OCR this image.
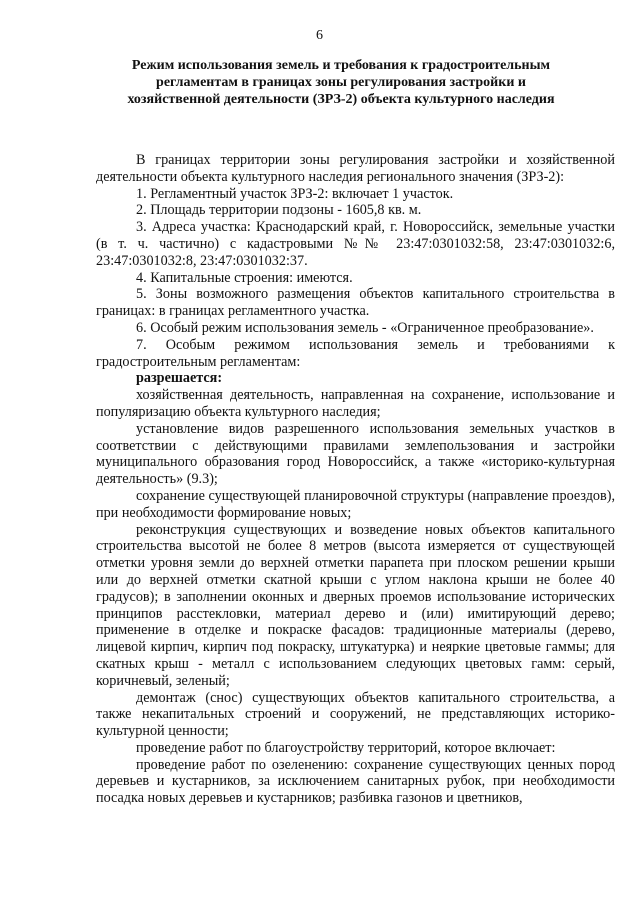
6
Режим использования земель и требования к градостроительным регламентам в границах зоны регулирования застройки и хозяйственной деятельности (ЗРЗ-2) объекта культурного наследия

В границах территории зоны регулирования застройки и хозяйственной деятельности объекта культурного наследия регионального значения (ЗРЗ-2):

1. Регламентный участок ЗРЗ-2: включает 1 участок.

2. Площадь территории подзоны - 1605,8 кв. м.

3. Адреса участка: Краснодарский край, г. Новороссийск, земельные участки (в т. ч. частично) с кадастровыми №№ 23:47:0301032:58, 23:47:0301032:6, 23:47:0301032:8, 23:47:0301032:37.

4. Капитальные строения: имеются.

5. Зоны возможного размещения объектов капитального строительства в границах: в границах регламентного участка.

6. Особый режим использования земель - «Ограниченное преобразование».

7. Особым режимом использования земель и требованиями к градостроительным регламентам:

разрешается:

хозяйственная деятельность, направленная на сохранение, использование и популяризацию объекта культурного наследия;

установление видов разрешенного использования земельных участков в соответствии с действующими правилами землепользования и застройки муниципального образования город Новороссийск, а также «историко-культурная деятельность» (9.3);

сохранение существующей планировочной структуры (направление проездов), при необходимости формирование новых;

реконструкция существующих и возведение новых объектов капитального строительства высотой не более 8 метров (высота измеряется от существующей отметки уровня земли до верхней отметки парапета при плоском решении крыши или до верхней отметки скатной крыши с углом наклона крыши не более 40 градусов); в заполнении оконных и дверных проемов использование исторических принципов расстекловки, материал дерево и (или) имитирующий дерево; применение в отделке и покраске фасадов: традиционные материалы (дерево, лицевой кирпич, кирпич под покраску, штукатурка) и неяркие цветовые гаммы; для скатных крыш - металл с использованием следующих цветовых гамм: серый, коричневый, зеленый;

демонтаж (снос) существующих объектов капитального строительства, а также некапитальных строений и сооружений, не представляющих историко-культурной ценности;

проведение работ по благоустройству территорий, которое включает:

проведение работ по озеленению: сохранение существующих ценных пород деревьев и кустарников, за исключением санитарных рубок, при необходимости посадка новых деревьев и кустарников; разбивка газонов и цветников,
